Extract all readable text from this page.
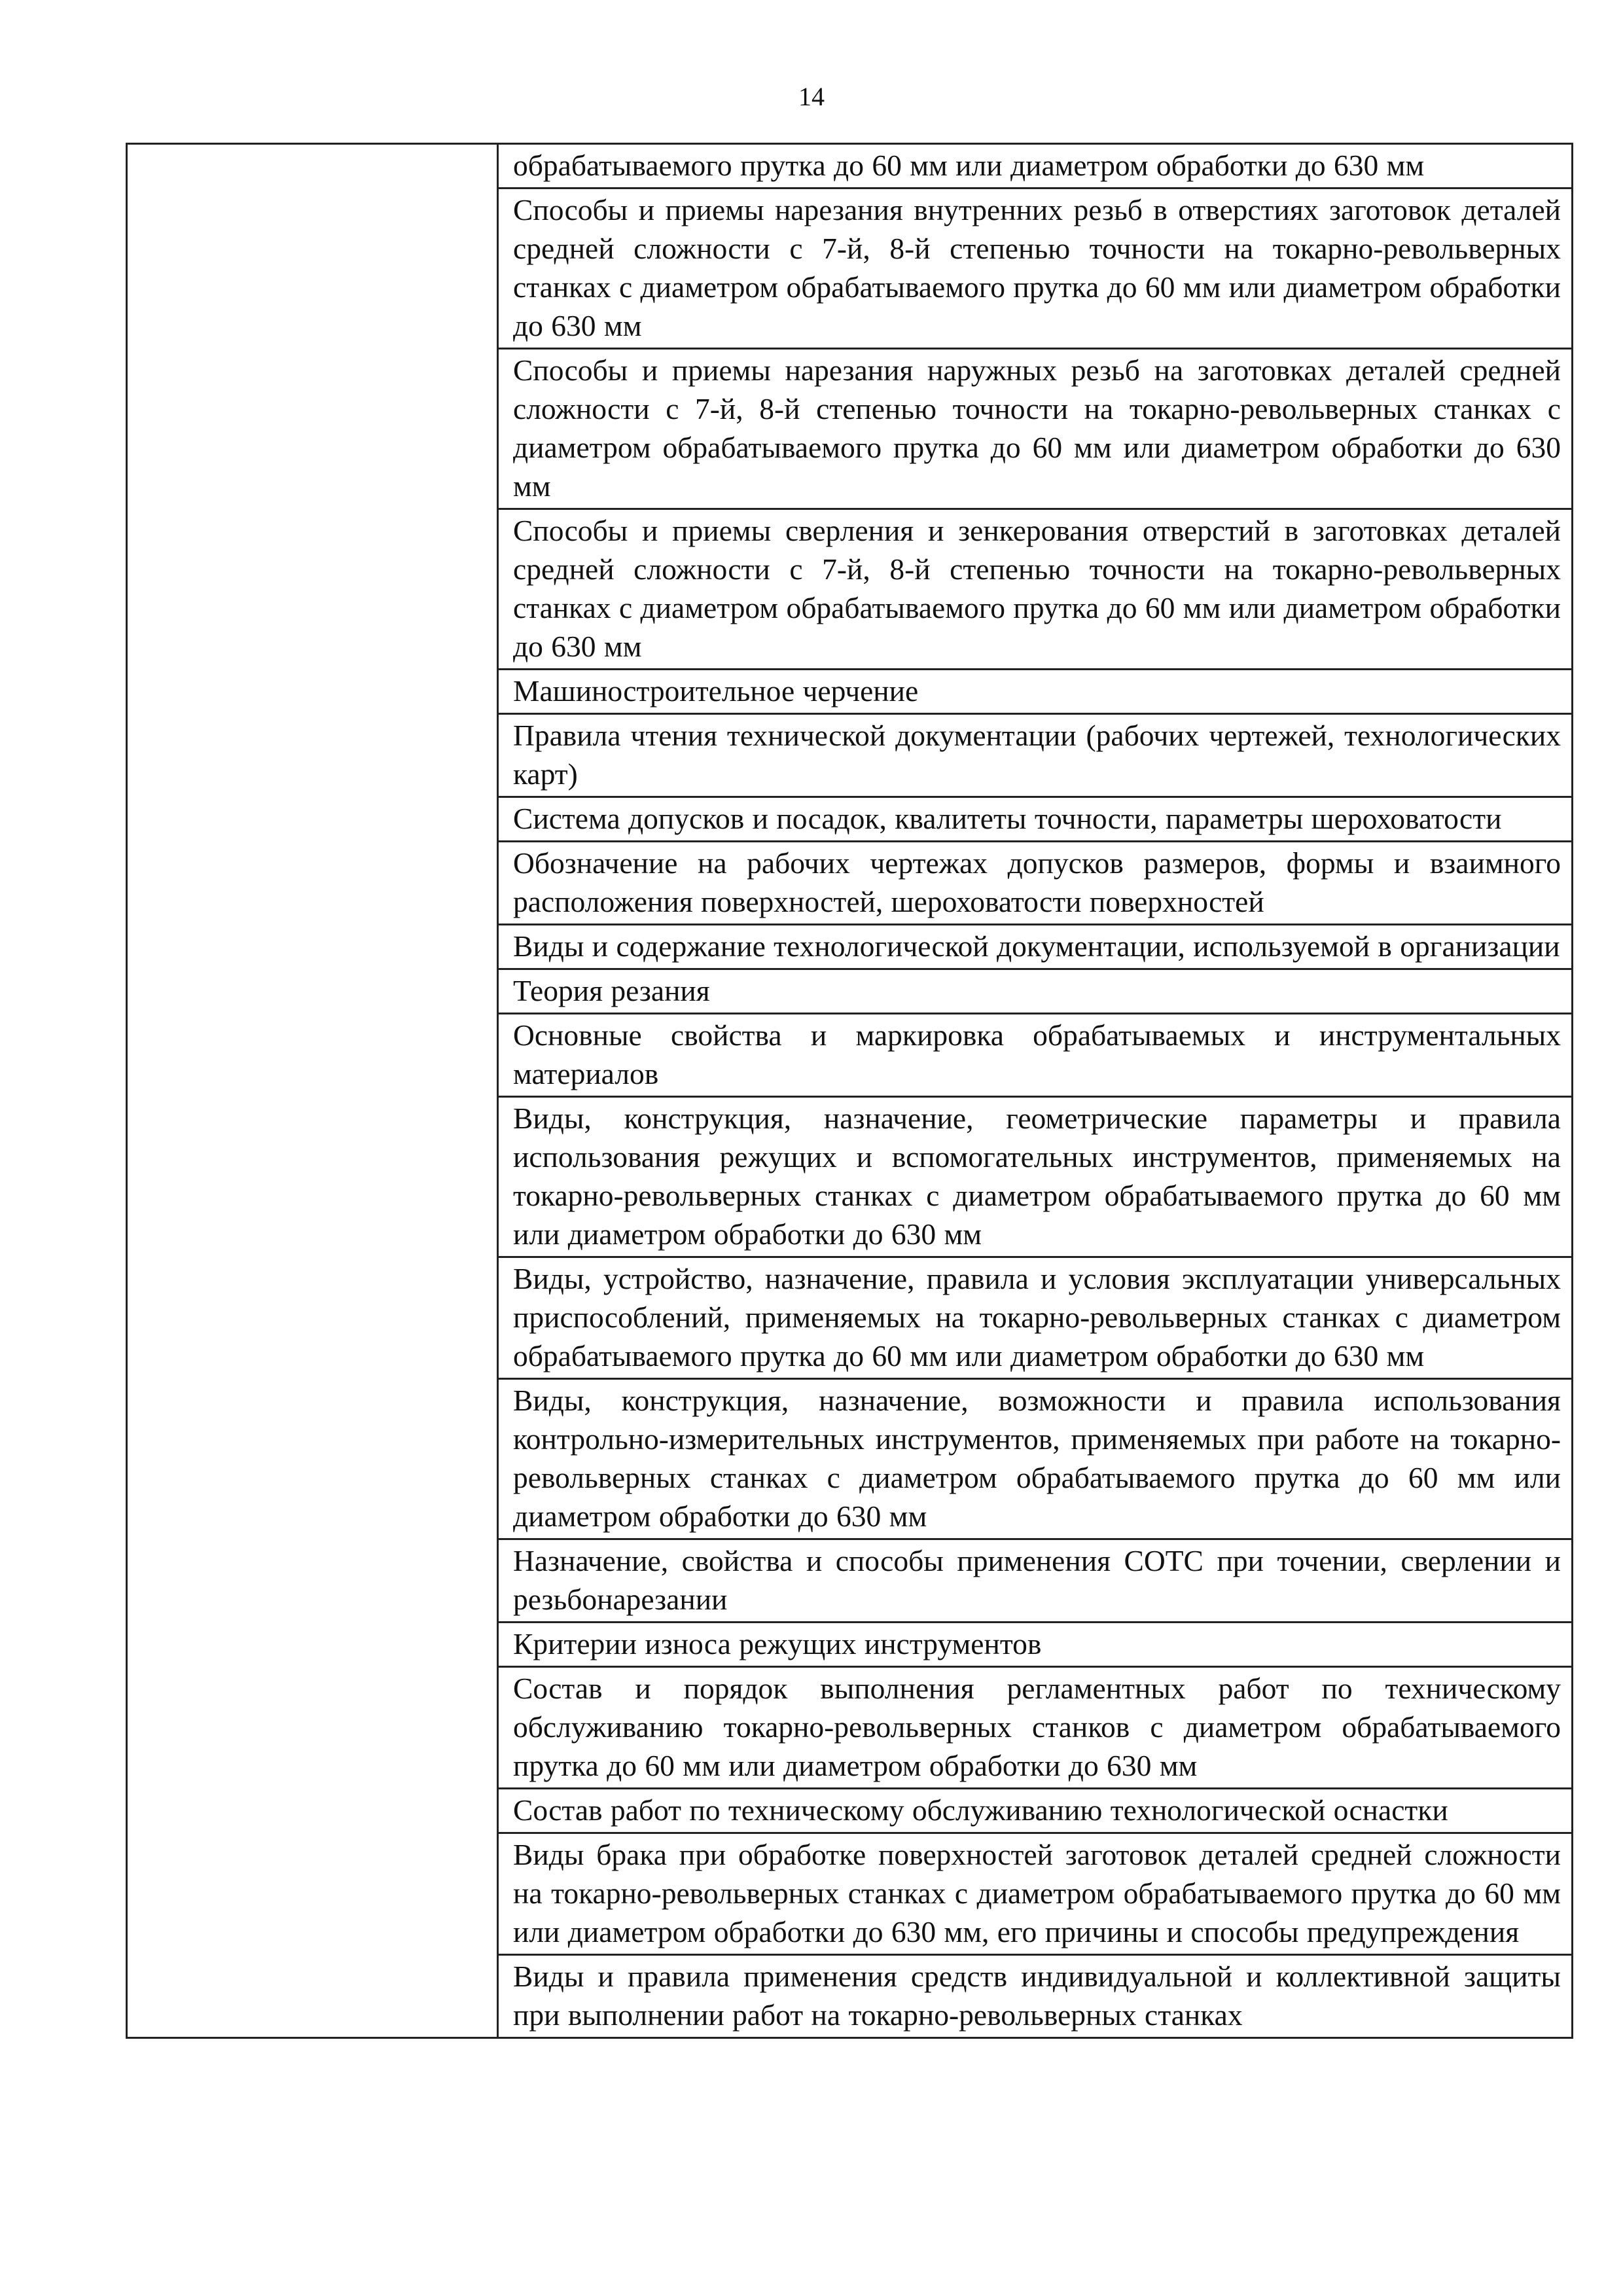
14

обрабатываемого прутка до 60 мм или диаметром обработки до 630 мм

Способы и приемы нарезания внутренних резьб в отверстиях заготовок деталей средней сложности с 7-й, 8-й степенью точности на токарно-револьверных станках с диаметром обрабатываемого прутка до 60 мм или диаметром обработки до 630 мм

Способы и приемы нарезания наружных резьб на заготовках деталей средней сложности с 7-й, 8-й степенью точности на токарно-револьверных станках с диаметром обрабатываемого прутка до 60 мм или диаметром обработки до 630 мм

Способы и приемы сверления и зенкерования отверстий в заготовках деталей средней сложности с 7-й, 8-й степенью точности на токарно-револьверных станках с диаметром обрабатываемого прутка до 60 мм или диаметром обработки до 630 мм

Машиностроительное черчение

Правила чтения технической документации (рабочих чертежей, технологических карт)

Система допусков и посадок, квалитеты точности, параметры шероховатости

Обозначение на рабочих чертежах допусков размеров, формы и взаимного расположения поверхностей, шероховатости поверхностей

Виды и содержание технологической документации, используемой в организации

Теория резания

Основные свойства и маркировка обрабатываемых и инструментальных материалов

Виды, конструкция, назначение, геометрические параметры и правила использования режущих и вспомогательных инструментов, применяемых на токарно-револьверных станках с диаметром обрабатываемого прутка до 60 мм или диаметром обработки до 630 мм

Виды, устройство, назначение, правила и условия эксплуатации универсальных приспособлений, применяемых на токарно-револьверных станках с диаметром обрабатываемого прутка до 60 мм или диаметром обработки до 630 мм

Виды, конструкция, назначение, возможности и правила использования контрольно-измерительных инструментов, применяемых при работе на токарно-револьверных станках с диаметром обрабатываемого прутка до 60 мм или диаметром обработки до 630 мм

Назначение, свойства и способы применения СОТС при точении, сверлении и резьбонарезании

Критерии износа режущих инструментов

Состав и порядок выполнения регламентных работ по техническому обслуживанию токарно-револьверных станков с диаметром обрабатываемого прутка до 60 мм или диаметром обработки до 630 мм

Состав работ по техническому обслуживанию технологической оснастки

Виды брака при обработке поверхностей заготовок деталей средней сложности на токарно-револьверных станках с диаметром обрабатываемого прутка до 60 мм или диаметром обработки до 630 мм, его причины и способы предупреждения

Виды и правила применения средств индивидуальной и коллективной защиты при выполнении работ на токарно-револьверных станках
